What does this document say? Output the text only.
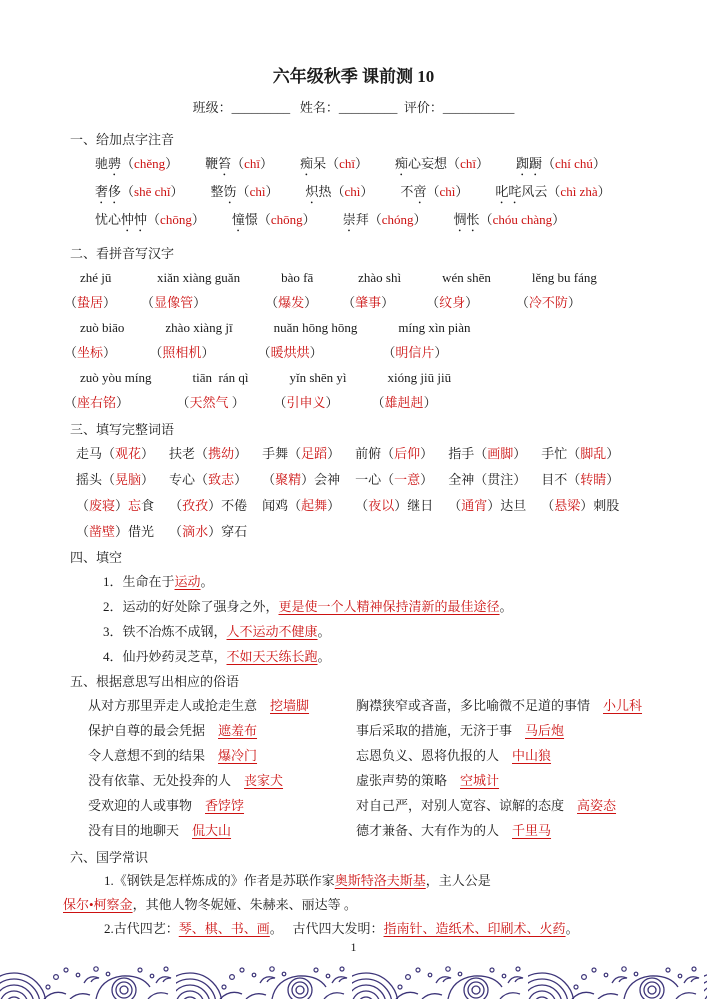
六年级秋季 课前测 10
班级：_________   姓名：_________  评价：___________
一、给加点字注音
驰骋（chěng） 鞭笞（chī） 痴呆（chī） 痴心妄想（chī） 踟蹰（chí chú）
奢侈（shē chǐ） 整饬（chì） 炽热（chì） 不啻（chì） 叱咤风云（chì zhà）
忧心忡忡（chōng） 憧憬（chōng） 崇拜（chóng） 惆怅（chóu chàng）
二、看拼音写汉字
zhé jū
（蛰居）
xiǎn xiàng guǎn
（显像管）
bào fā
（爆发）
zhào shì
（肇事）
wén shēn
（纹身）
lěng bu fáng
（冷不防）
zuò biāo
（坐标）
zhào xiàng jī
（照相机）
nuǎn hōng hōng
（暖烘烘）
míng xìn piàn
（明信片）
zuò yòu míng
（座右铭）
tiān  rán qì
（天然气 ）
yǐn shēn yì
（引申义）
xióng jiū jiū
（雄赳赳）
三、填写完整词语
走马（观花） 扶老（携幼） 手舞（足蹈） 前俯（后仰） 指手（画脚） 手忙（脚乱）
摇头（晃脑） 专心（致志） （聚精）会神 一心（一意） 全神（贯注） 目不（转睛）
（废寝）忘食 （孜孜）不倦 闻鸡（起舞） （夜以）继日 （通宵）达旦 （悬梁）刺股
（凿壁）借光 （滴水）穿石
四、填空
1．生命在于运动。
2．运动的好处除了强身之外，更是使一个人精神保持清新的最佳途径。
3．铁不冶炼不成钢，人不运动不健康。
4．仙丹妙药灵芝草，不如天天练长跑。
五、根据意思写出相应的俗语
从对方那里弄走人或抢走生意　挖墙脚	胸襟狭窄或吝啬，多比喻微不足道的事情　小儿科
保护自尊的最会凭据　遮羞布	事后采取的措施，无济于事　马后炮
令人意想不到的结果　爆冷门	忘恩负义、恩将仇报的人　中山狼
没有依靠、无处投奔的人　丧家犬	虚张声势的策略　空城计
受欢迎的人或事物　香饽饽	对自己严，对别人宽容、谅解的态度　高姿态
没有目的地聊天　侃大山	德才兼备、大有作为的人　千里马
六、国学常识
1.《钢铁是怎样炼成的》作者是苏联作家奥斯特洛夫斯基，主人公是保尔•柯察金，其他人物冬妮娅、朱赫来、丽达等 。
2.古代四艺：琴、棋、书、画。　 古代四大发明：指南针、造纸术、印刷术、火药。
1
